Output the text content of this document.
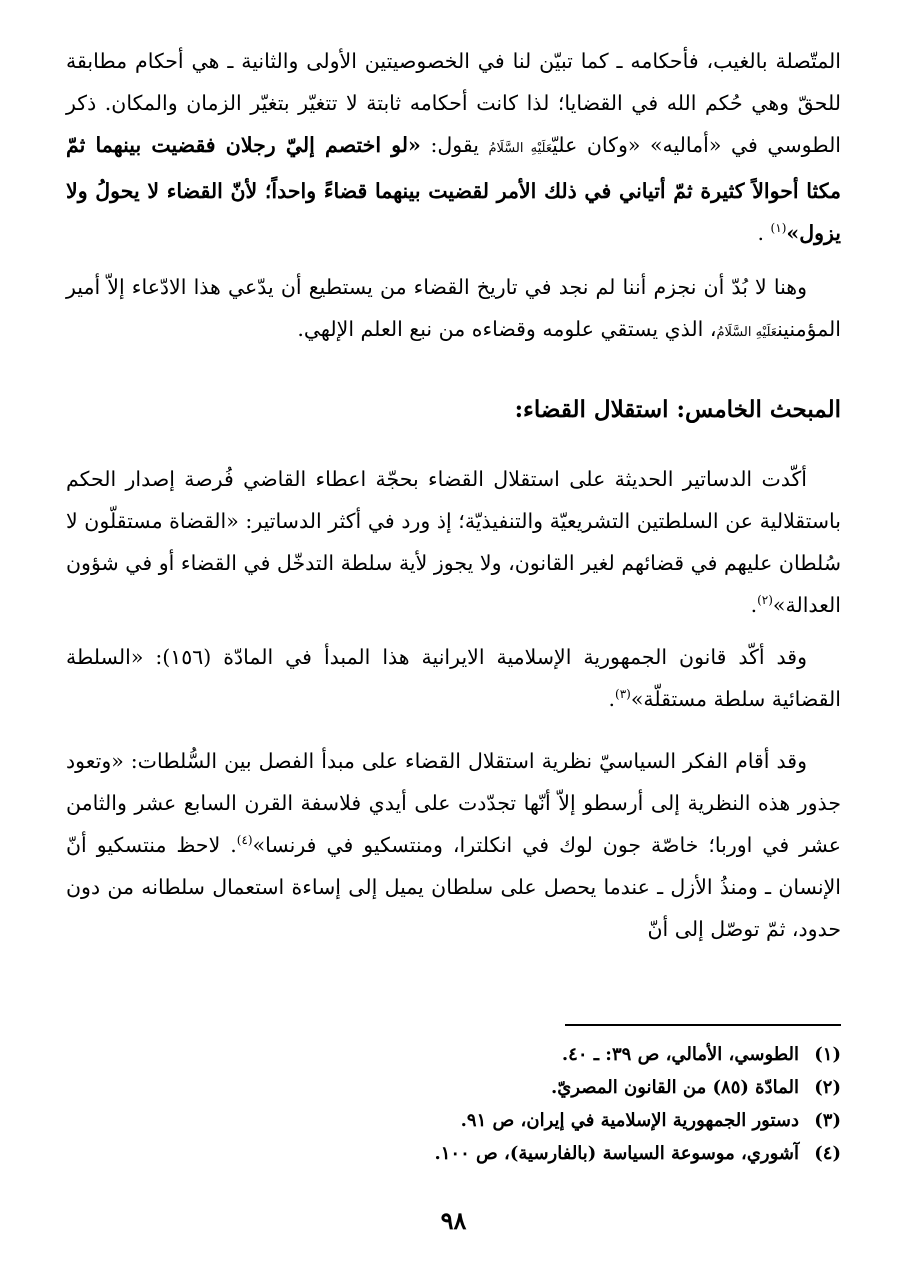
المتّصلة بالغيب، فأحكامه ـ كما تبيّن لنا في الخصوصيتين الأولى والثانية ـ هي أحكام مطابقة للحقّ وهي حُكم الله في القضايا؛ لذا كانت أحكامه ثابتة لا تتغيّر بتغيّر الزمان والمكان. ذكر الطوسي في «أماليه» «وكان عليّعَلَيْهِ السَّلَامُ يقول: «لو اختصم إليّ رجلان فقضيت بينهما ثمّ مكثا أحوالاً كثيرة ثمّ أتياني في ذلك الأمر لقضيت بينهما قضاءً واحداً؛ لأنّ القضاء لا يحولُ ولا يزول»$^{(١)}$ .

وهنا لا بُدّ أن نجزم أننا لم نجد في تاريخ القضاء من يستطيع أن يدّعي هذا الادّعاء إلاّ أمير المؤمنينعَلَيْهِ السَّلَامُ، الذي يستقي علومه وقضاءه من نبع العلم الإلهي.

المبحث الخامس: استقلال القضاء:

أكّدت الدساتير الحديثة على استقلال القضاء بحجّة اعطاء القاضي فُرصة إصدار الحكم باستقلالية عن السلطتين التشريعيّة والتنفيذيّة؛ إذ ورد في أكثر الدساتير: «القضاة مستقلّون لا سُلطان عليهم في قضائهم لغير القانون، ولا يجوز لأية سلطة التدخّل في القضاء أو في شؤون العدالة»$^{(٢)}$.

وقد أكّد قانون الجمهورية الإسلامية الايرانية هذا المبدأ في المادّة (١٥٦): «السلطة القضائية سلطة مستقلّة»$^{(٣)}$.

وقد أقام الفكر السياسيّ نظرية استقلال القضاء على مبدأ الفصل بين السُّلطات: «وتعود جذور هذه النظرية إلى أرسطو إلاّ أنّها تجدّدت على أيدي فلاسفة القرن السابع عشر والثامن عشر في اوربا؛ خاصّة جون لوك في انكلترا، ومنتسكيو في فرنسا»$^{(٤)}$. لاحظ منتسكيو أنّ الإنسان ـ ومنذُ الأزل ـ عندما يحصل على سلطان يميل إلى إساءة استعمال سلطانه من دون حدود، ثمّ توصّل إلى أنّ

(١)الطوسي، الأمالي، ص ٣٩: ـ ٤٠.
(٢)المادّة (٨٥) من القانون المصريّ.
(٣)دستور الجمهورية الإسلامية في إيران، ص ٩١.
(٤)آشوري، موسوعة السياسة (بالفارسية)، ص ١٠٠.
٩٨
